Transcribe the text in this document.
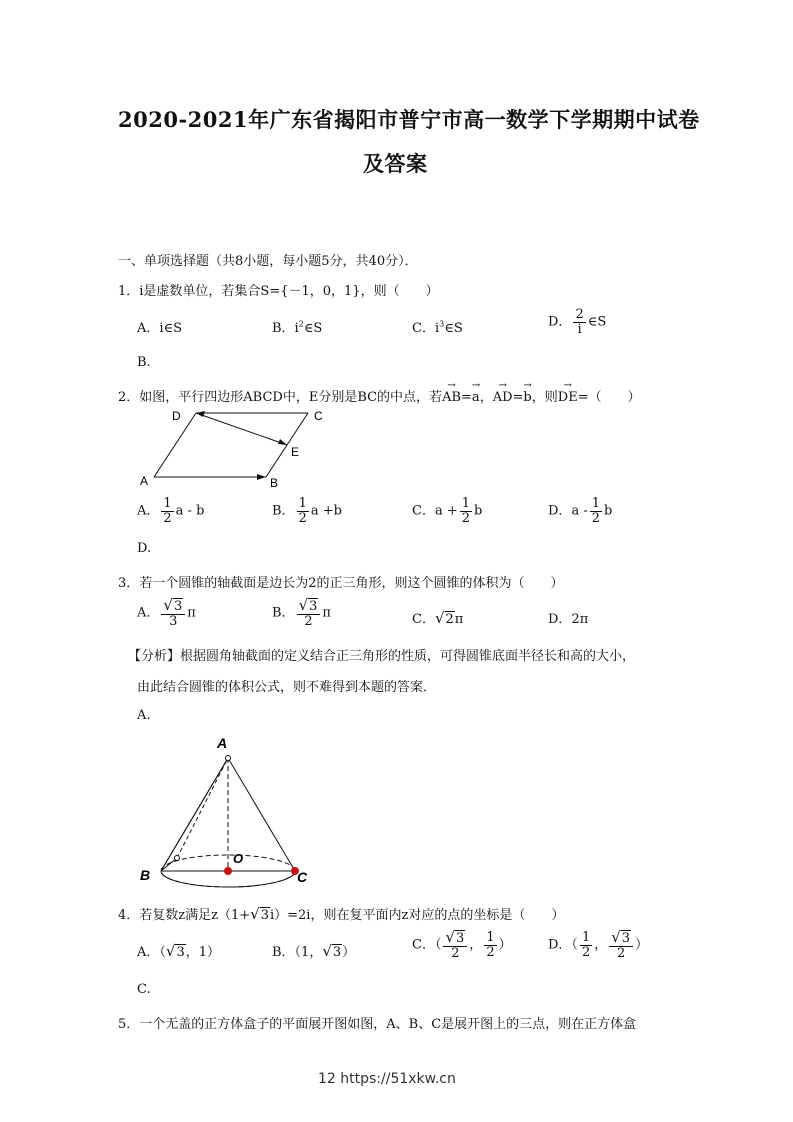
2020-2021年广东省揭阳市普宁市高一数学下学期期中试卷
及答案
一、单项选择题（共8小题，每小题5分，共40分）．
1．i是虚数单位，若集合S={－1，0，1}，则（　　）
A．i∈S	B．$i^2\in S$	C．$i^3\in S$	D． $\frac{2}{i}$ ∈S
B.
2．如图，平行四边形ABCD中，E分别是BC的中点，若→ AB=→ a，→ AD=→ b，则→ DE=（　　）
D	C
E
A	B
A． $\frac{1}{2}$ a - b	B． $\frac{1}{2}$ a +b	C．$a + \frac{1}{2}$ b	D．a - $\frac{1}{2}$ b
D.
3．若一个圆锥的轴截面是边长为2的正三角形，则这个圆锥的体积为（　　）
A． $\frac{√3}{3}$ π	B． $\frac{√3}{2}$ π	C．√2π	D．2π
【分析】根据圆角轴截面的定义结合正三角形的性质，可得圆锥底面半径长和高的大小，
由此结合圆锥的体积公式，则不难得到本题的答案．
A.
A
B
O
C
4．若复数z满足z（1+√3i）=2i，则在复平面内z对应的点的坐标是（　　）
A．（√3，1）	B．（1，√3）	C．（ $\frac{√3}{2}$ ， $\frac{1}{2}$ ）	D．（ $\frac{1}{2}$ ， $\frac{√3}{2}$ ）
C.
5．一个无盖的正方体盒子的平面展开图如图，A、B、C是展开图上的三点，则在正方体盒
12 https://51xkw.cn
